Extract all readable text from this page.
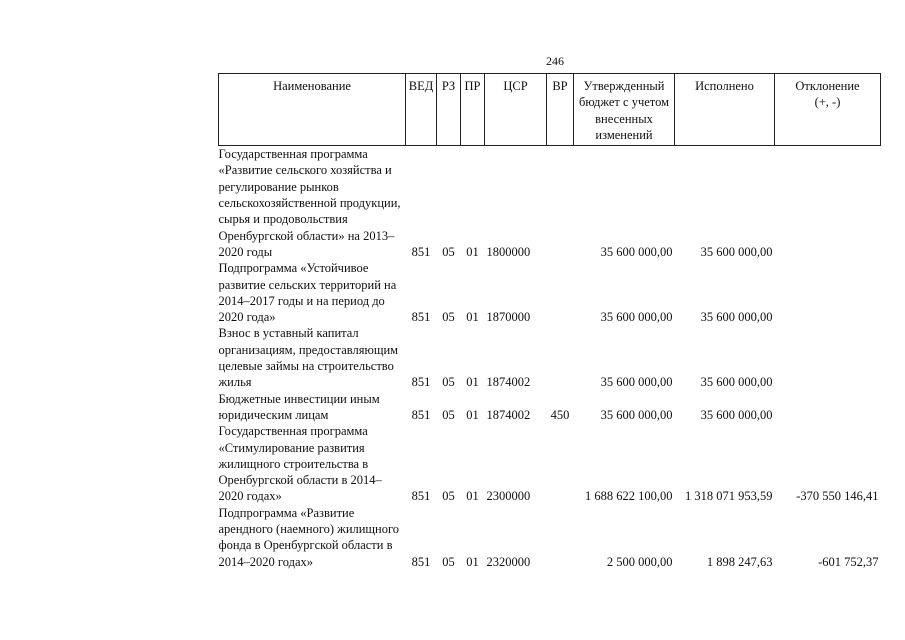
246
Наименование	ВЕД	РЗ	ПР	ЦСР	ВР	Утвержденный бюджет с учетом внесенных изменений	Исполнено	Отклонение (+, -)

Государственная программа «Развитие сельского хозяйства и регулирование рынков сельскохозяйственной продукции, сырья и продовольствия Оренбургской области» на 2013–2020 годы	851	05	01	1800000		35 600 000,00	35 600 000,00	

Подпрограмма «Устойчивое развитие сельских территорий на 2014–2017 годы и на период до 2020 года»	851	05	01	1870000		35 600 000,00	35 600 000,00	

Взнос в уставный капитал организациям, предоставляющим целевые займы на строительство жилья	851	05	01	1874002		35 600 000,00	35 600 000,00	

Бюджетные инвестиции иным юридическим лицам	851	05	01	1874002	450	35 600 000,00	35 600 000,00	

Государственная программа «Стимулирование развития жилищного строительства в Оренбургской области в 2014–2020 годах»	851	05	01	2300000		1 688 622 100,00	1 318 071 953,59	-370 550 146,41

Подпрограмма «Развитие арендного (наемного) жилищного фонда в Оренбургской области в 2014–2020 годах»	851	05	01	2320000		2 500 000,00	1 898 247,63	-601 752,37
